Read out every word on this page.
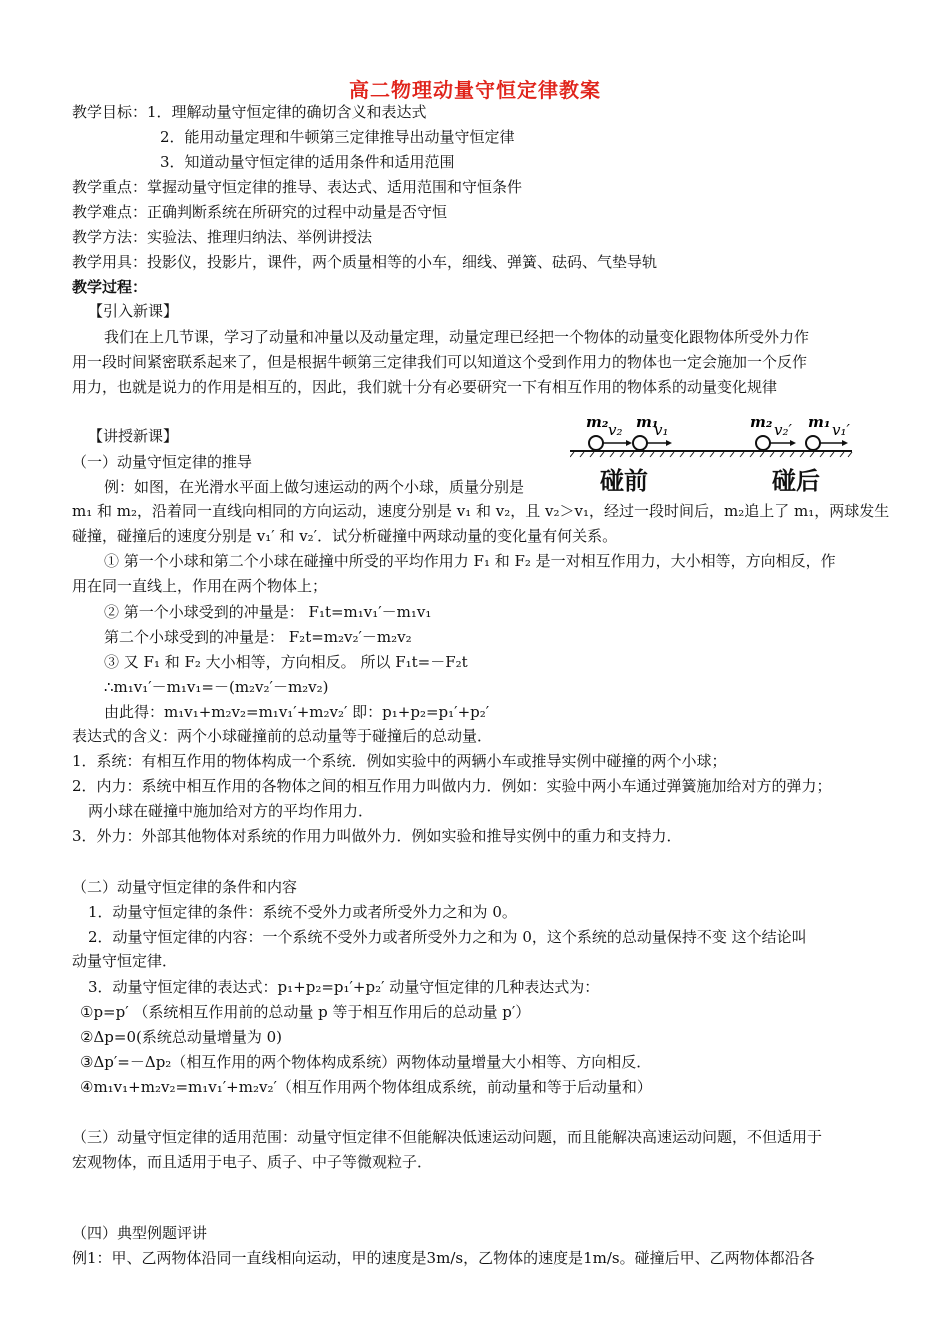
高二物理动量守恒定律教案
教学目标：1．理解动量守恒定律的确切含义和表达式
2．能用动量定理和牛顿第三定律推导出动量守恒定律
3．知道动量守恒定律的适用条件和适用范围
教学重点：掌握动量守恒定律的推导、表达式、适用范围和守恒条件
教学难点：正确判断系统在所研究的过程中动量是否守恒
教学方法：实验法、推理归纳法、举例讲授法
教学用具：投影仪，投影片，课件，两个质量相等的小车，细线、弹簧、砝码、气垫导轨
教学过程：
【引入新课】
我们在上几节课，学习了动量和冲量以及动量定理，动量定理已经把一个物体的动量变化跟物体所受外力作
用一段时间紧密联系起来了，但是根据牛顿第三定律我们可以知道这个受到作用力的物体也一定会施加一个反作
用力，也就是说力的作用是相互的，因此，我们就十分有必要研究一下有相互作用的物体系的动量变化规律
m₂ v₂ m₁
v₁	m₂ v₂′ m₁ v₁′
碰前	碰后
【讲授新课】
（一）动量守恒定律的推导
例：如图，在光滑水平面上做匀速运动的两个小球，质量分别是
m₁ 和 m₂，沿着同一直线向相同的方向运动，速度分别是 v₁ 和 v₂，且 v₂＞v₁，经过一段时间后，m₂追上了 m₁，两球发生
碰撞，碰撞后的速度分别是 v₁′ 和 v₂′．试分析碰撞中两球动量的变化量有何关系。
① 第一个小球和第二个小球在碰撞中所受的平均作用力 F₁ 和 F₂ 是一对相互作用力，大小相等，方向相反，作
用在同一直线上，作用在两个物体上；
② 第一个小球受到的冲量是： F₁t=m₁v₁′－m₁v₁
第二个小球受到的冲量是： F₂t=m₂v₂′－m₂v₂
③ 又 F₁ 和 F₂ 大小相等，方向相反。 所以 F₁t=－F₂t
∴m₁v₁′－m₁v₁=－(m₂v₂′－m₂v₂)
由此得：m₁v₁+m₂v₂=m₁v₁′+m₂v₂′ 即：p₁+p₂=p₁′+p₂′
表达式的含义：两个小球碰撞前的总动量等于碰撞后的总动量．
1．系统：有相互作用的物体构成一个系统．例如实验中的两辆小车或推导实例中碰撞的两个小球；
2．内力：系统中相互作用的各物体之间的相互作用力叫做内力．例如：实验中两小车通过弹簧施加给对方的弹力；
两小球在碰撞中施加给对方的平均作用力．
3．外力：外部其他物体对系统的作用力叫做外力．例如实验和推导实例中的重力和支持力．
（二）动量守恒定律的条件和内容
1．动量守恒定律的条件：系统不受外力或者所受外力之和为 0。
2．动量守恒定律的内容：一个系统不受外力或者所受外力之和为 0，这个系统的总动量保持不变 这个结论叫
动量守恒定律．
3．动量守恒定律的表达式：p₁+p₂=p₁′+p₂′ 动量守恒定律的几种表达式为：
①p=p′ （系统相互作用前的总动量 p 等于相互作用后的总动量 p′）
②Δp=0(系统总动量增量为 0)
③Δp′=－Δp₂（相互作用的两个物体构成系统）两物体动量增量大小相等、方向相反．
④m₁v₁+m₂v₂=m₁v₁′+m₂v₂′（相互作用两个物体组成系统，前动量和等于后动量和）
（三）动量守恒定律的适用范围：动量守恒定律不但能解决低速运动问题，而且能解决高速运动问题，不但适用于
宏观物体，而且适用于电子、质子、中子等微观粒子．
（四）典型例题评讲
例1：甲、乙两物体沿同一直线相向运动，甲的速度是3m/s，乙物体的速度是1m/s。碰撞后甲、乙两物体都沿各
